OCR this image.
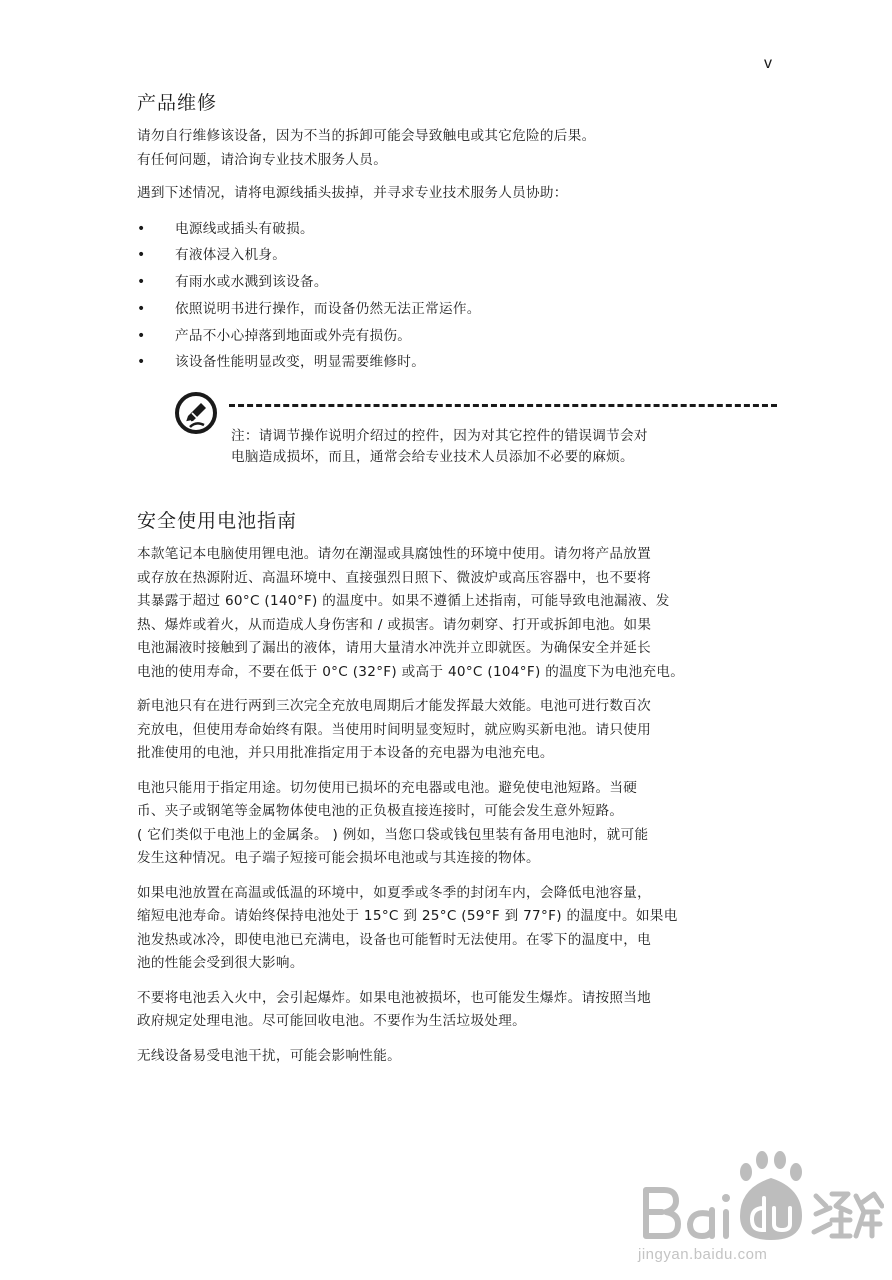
v
产品维修

请勿自行维修该设备，因为不当的拆卸可能会导致触电或其它危险的后果。
有任何问题，请洽询专业技术服务人员。

遇到下述情况，请将电源线插头拔掉，并寻求专业技术服务人员协助：

• 电源线或插头有破损。
• 有液体浸入机身。
• 有雨水或水溅到该设备。
• 依照说明书进行操作，而设备仍然无法正常运作。
• 产品不小心掉落到地面或外壳有损伤。
• 该设备性能明显改变，明显需要维修时。
注：请调节操作说明介绍过的控件，因为对其它控件的错误调节会对
电脑造成损坏，而且，通常会给专业技术人员添加不必要的麻烦。
安全使用电池指南

本款笔记本电脑使用锂电池。请勿在潮湿或具腐蚀性的环境中使用。请勿将产品放置
或存放在热源附近、高温环境中、直接强烈日照下、微波炉或高压容器中，也不要将
其暴露于超过 60°C (140°F) 的温度中。如果不遵循上述指南，可能导致电池漏液、发
热、爆炸或着火，从而造成人身伤害和 / 或损害。请勿刺穿、打开或拆卸电池。如果
电池漏液时接触到了漏出的液体，请用大量清水冲洗并立即就医。为确保安全并延长
电池的使用寿命，不要在低于 0°C (32°F) 或高于 40°C (104°F) 的温度下为电池充电。

新电池只有在进行两到三次完全充放电周期后才能发挥最大效能。电池可进行数百次
充放电，但使用寿命始终有限。当使用时间明显变短时，就应购买新电池。请只使用
批准使用的电池，并只用批准指定用于本设备的充电器为电池充电。

电池只能用于指定用途。切勿使用已损坏的充电器或电池。避免使电池短路。当硬
币、夹子或钢笔等金属物体使电池的正负极直接连接时，可能会发生意外短路。
( 它们类似于电池上的金属条。 ) 例如，当您口袋或钱包里装有备用电池时，就可能
发生这种情况。电子端子短接可能会损坏电池或与其连接的物体。

如果电池放置在高温或低温的环境中，如夏季或冬季的封闭车内，会降低电池容量，
缩短电池寿命。请始终保持电池处于 15°C 到 25°C (59°F 到 77°F) 的温度中。如果电
池发热或冰冷，即使电池已充满电，设备也可能暂时无法使用。在零下的温度中，电
池的性能会受到很大影响。

不要将电池丢入火中，会引起爆炸。如果电池被损坏，也可能发生爆炸。请按照当地
政府规定处理电池。尽可能回收电池。不要作为生活垃圾处理。

无线设备易受电池干扰，可能会影响性能。

jingyan.baidu.com
